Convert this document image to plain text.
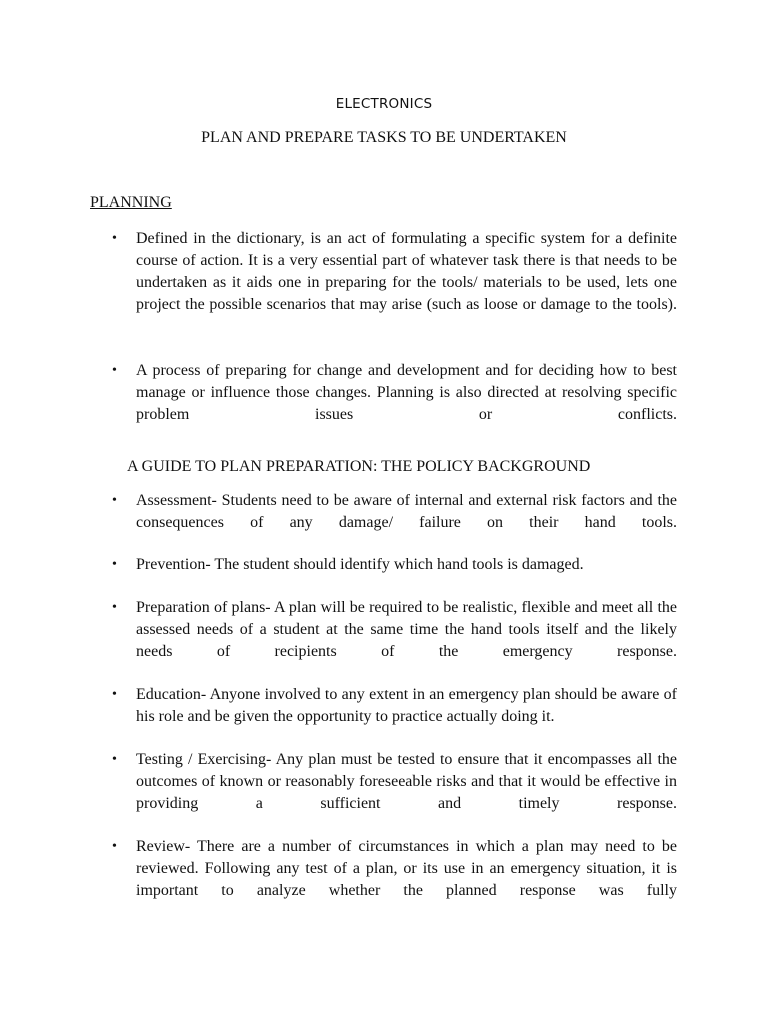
ELECTRONICS
PLAN AND PREPARE TASKS TO BE UNDERTAKEN
PLANNING
•	Defined in the dictionary, is an act of formulating a specific system for a definite course of action. It is a very essential part of whatever task there is that needs to be undertaken as it aids one in preparing for the tools/ materials to be used, lets one project the possible scenarios that may arise (such as loose or damage to the tools).
•	A process of preparing for change and development and for deciding how to best manage or influence those changes. Planning is also directed at resolving specific problem issues or conflicts.
A GUIDE TO PLAN PREPARATION: THE POLICY BACKGROUND
•	Assessment- Students need to be aware of internal and external risk factors and the consequences of any damage/ failure on their hand tools.
•	Prevention- The student should identify which hand tools is damaged.
•	Preparation of plans- A plan will be required to be realistic, flexible and meet all the assessed needs of a student at the same time the hand tools itself and the likely needs of recipients of the emergency response.
•	Education- Anyone involved to any extent in an emergency plan should be aware of his role and be given the opportunity to practice actually doing it.
•	Testing / Exercising- Any plan must be tested to ensure that it encompasses all the outcomes of known or reasonably foreseeable risks and that it would be effective in providing a sufficient and timely response.
•	Review- There are a number of circumstances in which a plan may need to be reviewed. Following any test of a plan, or its use in an emergency situation, it is important to analyze whether the planned response was fully
